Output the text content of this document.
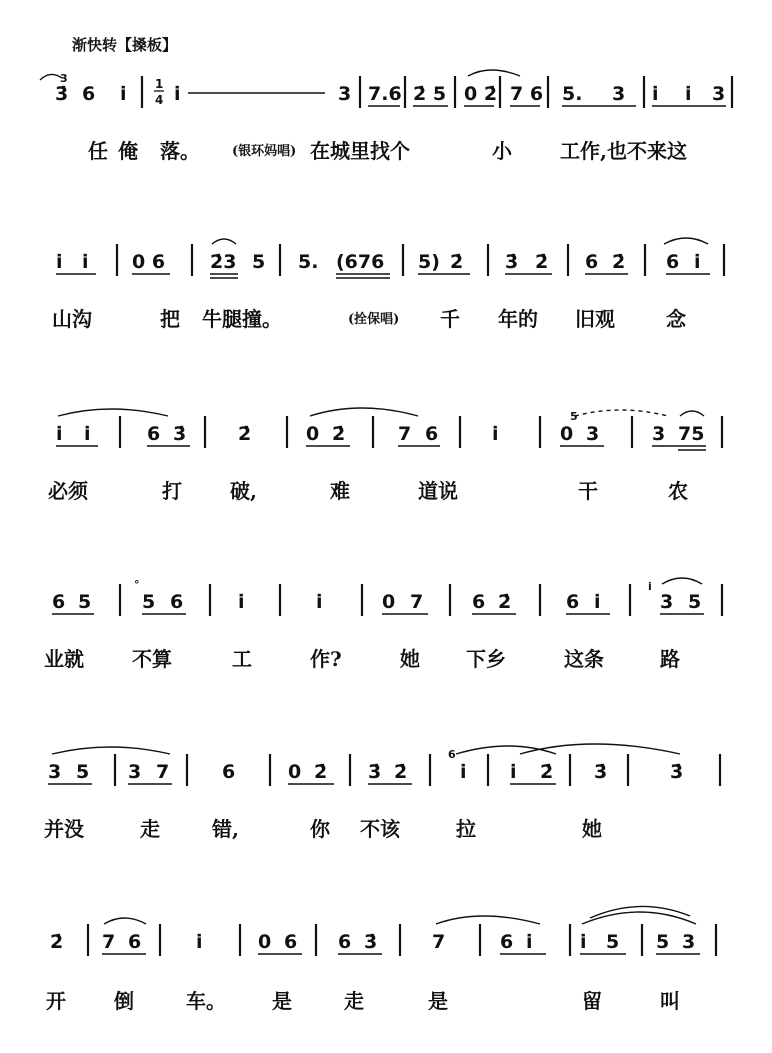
渐快转【搡板】
3̇
3
6 i̇ 1
4 i̇	3 7.6 2̇ 5 0 2̇ 7 6 5. 3 i̇ i̇ 3
任 俺 落。 (银环妈唱) 在城里找个	小 工作,也不来这
i̇ i̇ 0 6 2̇3 5 5. (676 5) 2̇ 3̇ 2̇ 6 2̇ 6 i̇
山沟	把 牛腿撞。	(拴保唱) 千 年的 旧观	念
i̇ i̇	6 3̇	2̇	0 2̇	7 6	i̇	0
5
3	3 75
必须	打 破,	难	道说	干	农
6 5
°
5 6	i̇	i̇	0 7	6 2̇	6 i̇
i
3 5
业就 不算	工	作?	她 下乡	这条	路
3 5 3 7	6	0 2̇ 3̇ 2̇
6
i̇ i̇ 2̇ 3̇	3̇
并没	走	错,	你 不该	拉	她
2̇ 7 6	i̇	0 6 6 3̇	7	6 i̇ i̇ 5 5 3
开 倒	车。 是	走	是	留	叫
